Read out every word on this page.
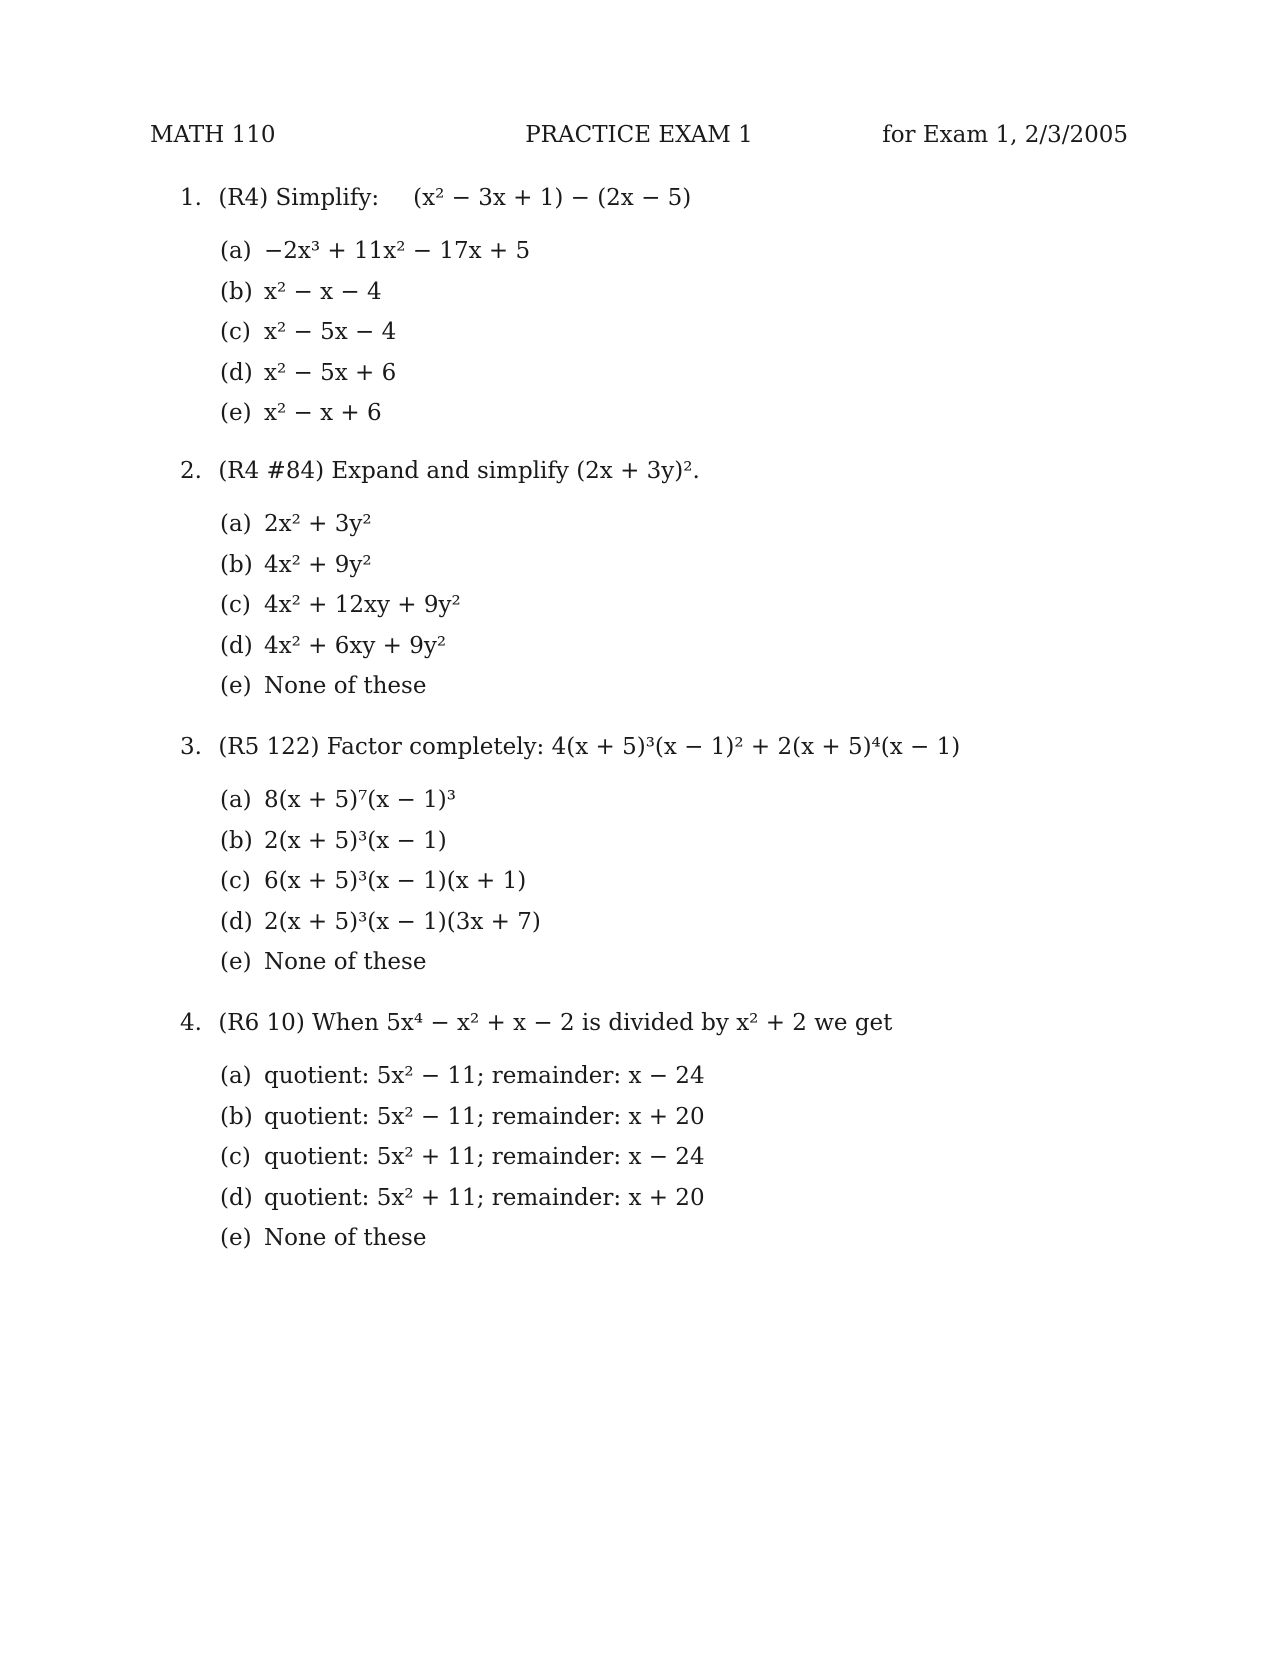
MATH 110	PRACTICE EXAM 1	for Exam 1, 2/3/2005
1. (R4) Simplify: (x² − 3x + 1) − (2x − 5)
(a) −2x³ + 11x² − 17x + 5
(b) x² − x − 4
(c) x² − 5x − 4
(d) x² − 5x + 6
(e) x² − x + 6
2. (R4 #84) Expand and simplify (2x + 3y)².
(a) 2x² + 3y²
(b) 4x² + 9y²
(c) 4x² + 12xy + 9y²
(d) 4x² + 6xy + 9y²
(e) None of these
3. (R5 122) Factor completely: 4(x + 5)³(x − 1)² + 2(x + 5)⁴(x − 1)
(a) 8(x + 5)⁷(x − 1)³
(b) 2(x + 5)³(x − 1)
(c) 6(x + 5)³(x − 1)(x + 1)
(d) 2(x + 5)³(x − 1)(3x + 7)
(e) None of these
4. (R6 10) When 5x⁴ − x² + x − 2 is divided by x² + 2 we get
(a) quotient: 5x² − 11; remainder: x − 24
(b) quotient: 5x² − 11; remainder: x + 20
(c) quotient: 5x² + 11; remainder: x − 24
(d) quotient: 5x² + 11; remainder: x + 20
(e) None of these
